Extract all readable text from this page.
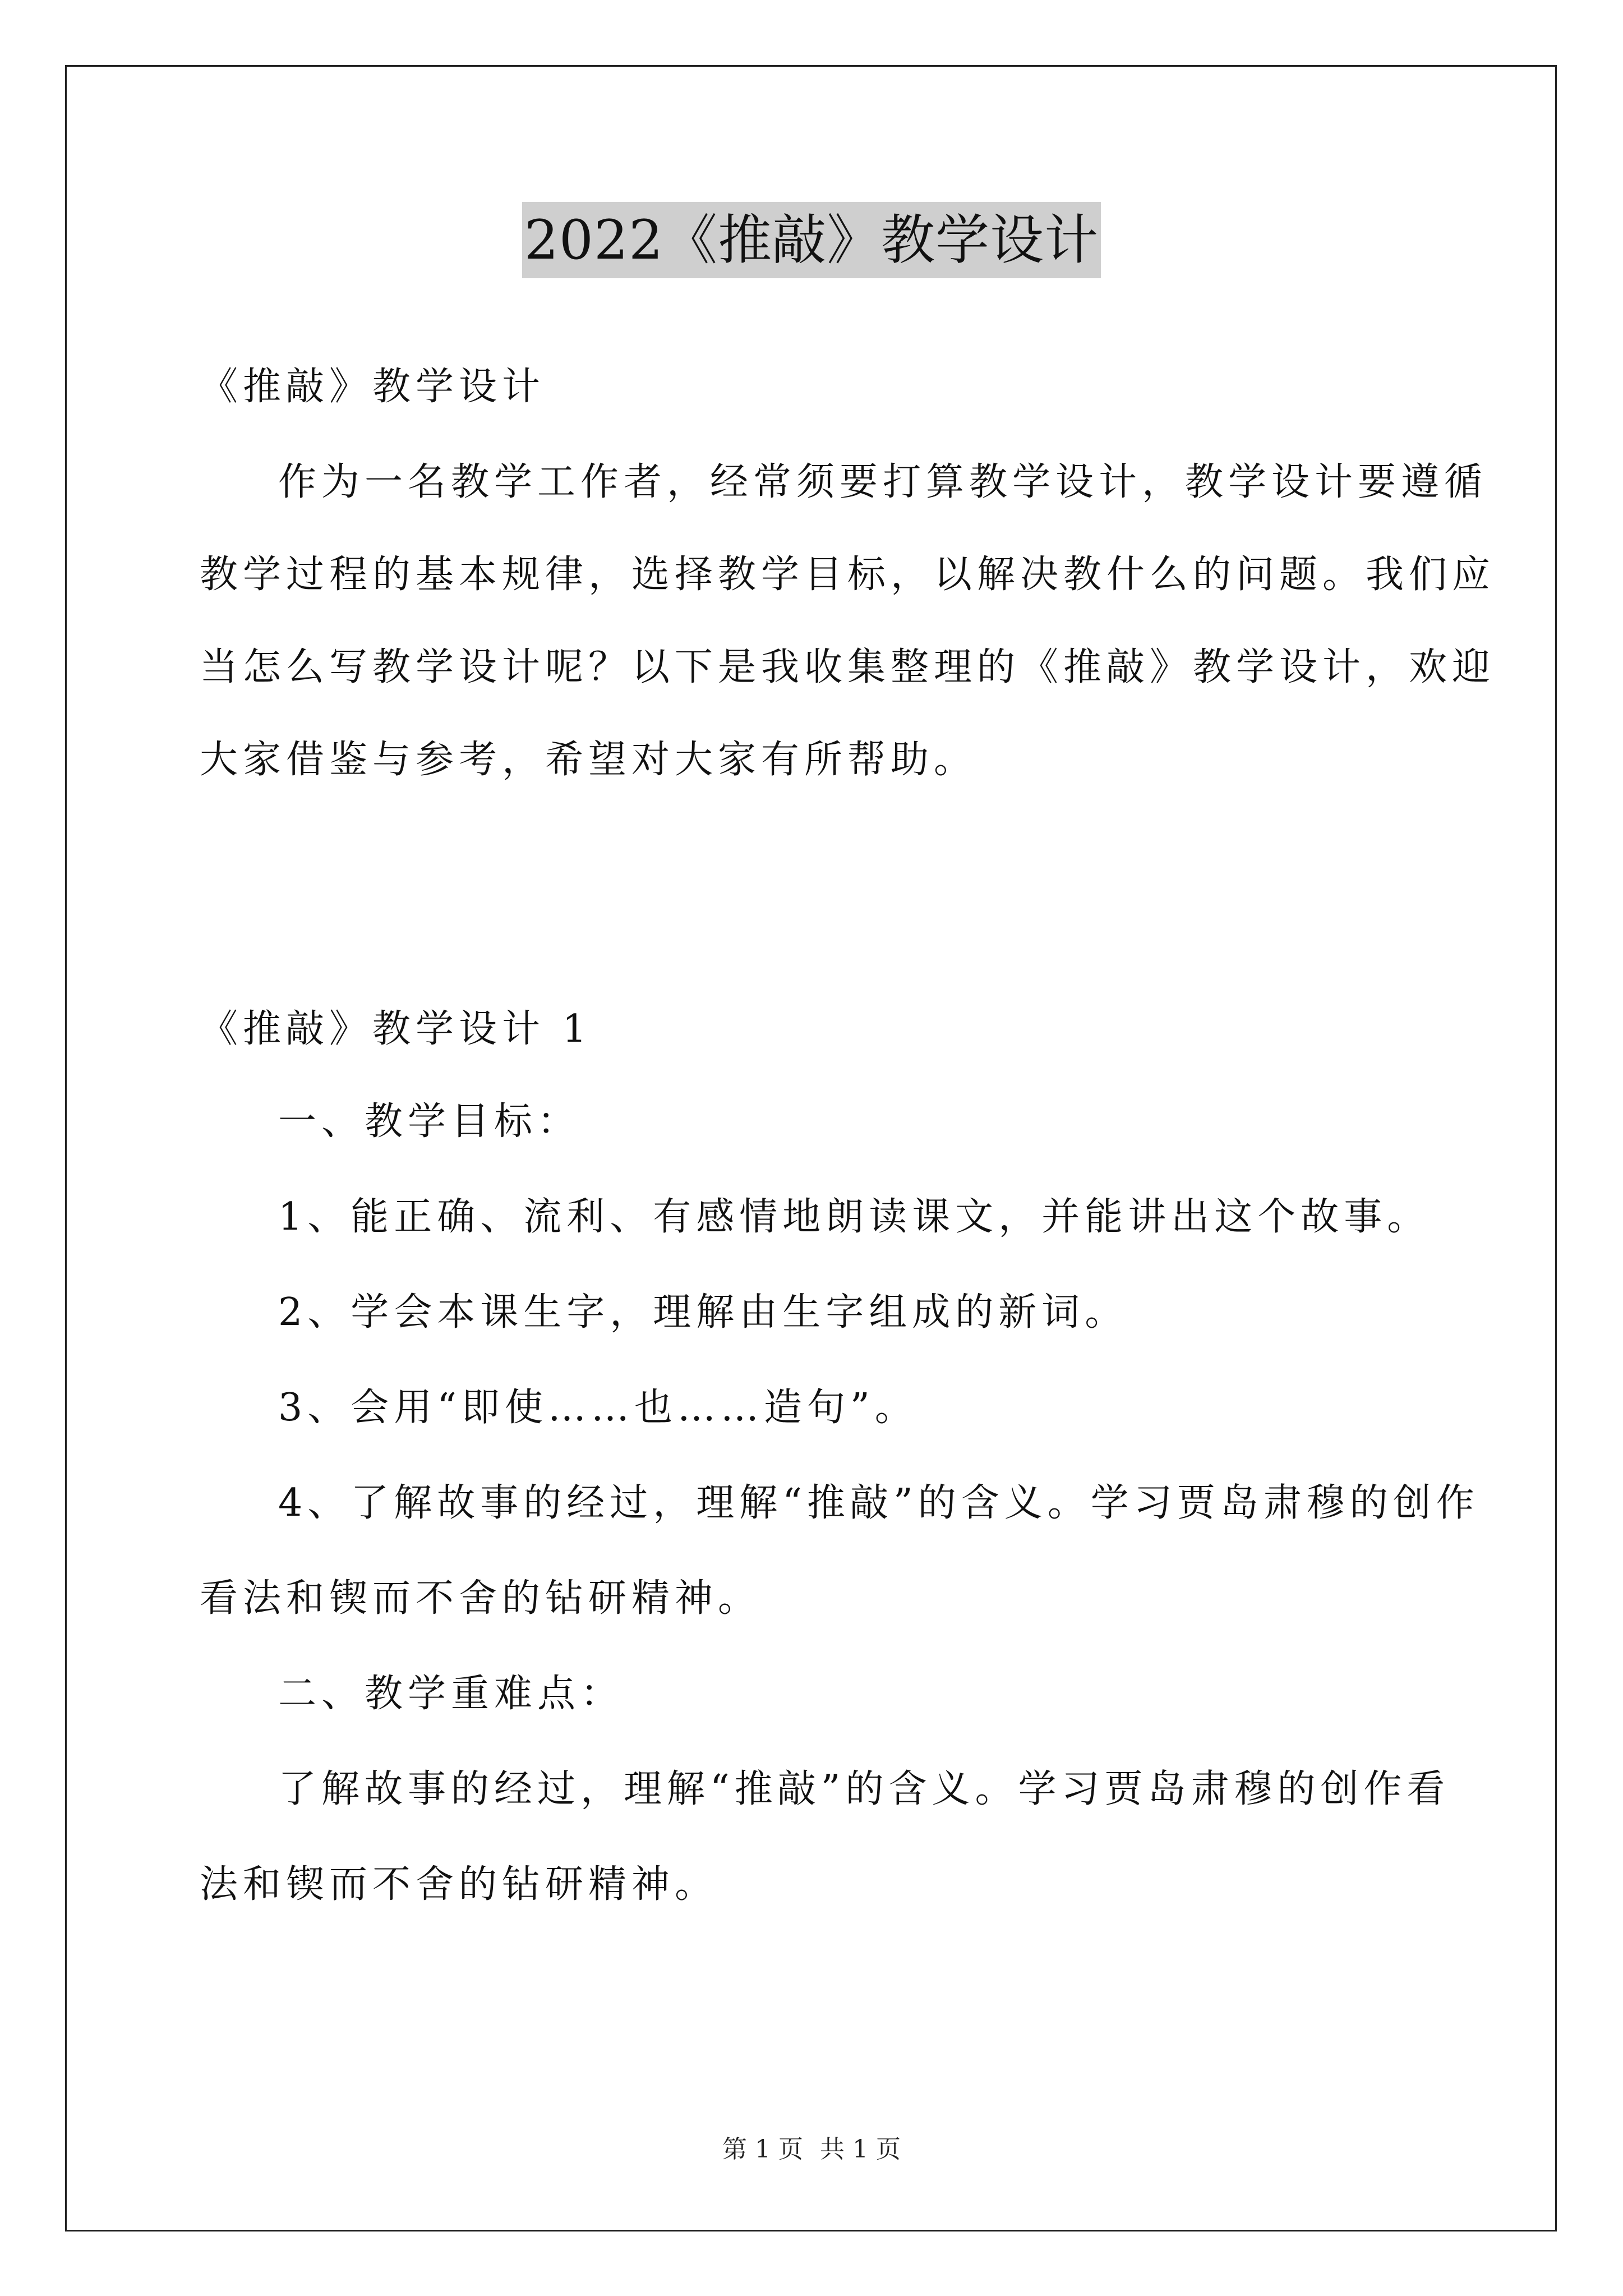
2022《推敲》教学设计
《推敲》教学设计
作为一名教学工作者，经常须要打算教学设计，教学设计要遵循
教学过程的基本规律，选择教学目标，以解决教什么的问题。我们应
当怎么写教学设计呢？以下是我收集整理的《推敲》教学设计，欢迎
大家借鉴与参考，希望对大家有所帮助。
《推敲》教学设计 1
一、教学目标：
1、能正确、流利、有感情地朗读课文，并能讲出这个故事。
2、学会本课生字，理解由生字组成的新词。
3、会用“即使……也……造句”。
4、了解故事的经过，理解“推敲”的含义。学习贾岛肃穆的创作
看法和锲而不舍的钻研精神。
二、教学重难点：
了解故事的经过，理解“推敲”的含义。学习贾岛肃穆的创作看
法和锲而不舍的钻研精神。
第 1 页 共 1 页
